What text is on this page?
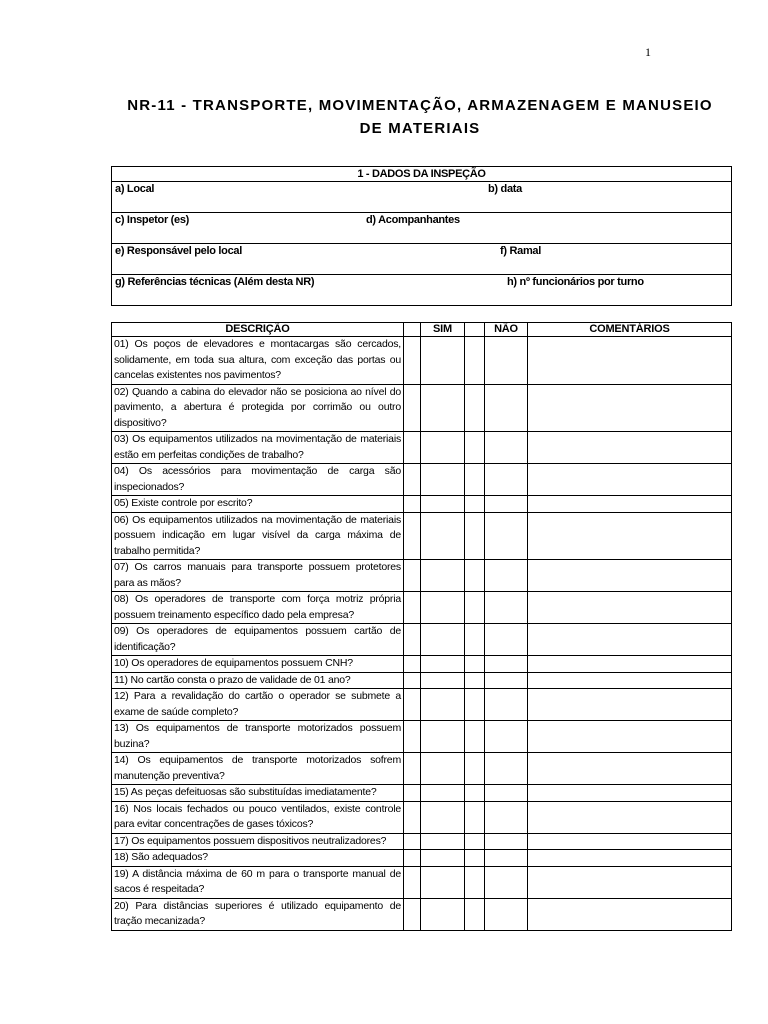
1
NR-11 - TRANSPORTE, MOVIMENTAÇÃO, ARMAZENAGEM E MANUSEIO
DE MATERIAIS
1 - DADOS DA INSPEÇÃO

a) Local	b) data

c) Inspetor (es)	d) Acompanhantes

e) Responsável pelo local	f) Ramal

g) Referências técnicas (Além desta NR)	h) nº funcionários por turno
DESCRIÇÃO		SIM		NÃO	COMENTÁRIOS
01) Os poços de elevadores e montacargas são cercados, solidamente, em toda sua altura, com exceção das portas ou cancelas existentes nos pavimentos?					
02) Quando a cabina do elevador não se posiciona ao nível do pavimento, a abertura é protegida por corrimão ou outro dispositivo?					
03) Os equipamentos utilizados na movimentação de materiais estão em perfeitas condições de trabalho?					
04) Os acessórios para movimentação de carga são inspecionados?					
05) Existe controle por escrito?					
06) Os equipamentos utilizados na movimentação de materiais possuem indicação em lugar visível da carga máxima de trabalho permitida?					
07) Os carros manuais para transporte possuem protetores para as mãos?					
08) Os operadores de transporte com força motriz própria possuem treinamento específico dado pela empresa?					
09) Os operadores de equipamentos possuem cartão de identificação?					
10) Os operadores de equipamentos possuem CNH?					
11) No cartão consta o prazo de validade de 01 ano?					
12) Para a revalidação do cartão o operador se submete a exame de saúde completo?					
13) Os equipamentos de transporte motorizados possuem buzina?					
14) Os equipamentos de transporte motorizados sofrem manutenção preventiva?					
15) As peças defeituosas são substituídas imediatamente?					
16) Nos locais fechados ou pouco ventilados, existe controle para evitar concentrações de gases tóxicos?					
17) Os equipamentos possuem dispositivos neutralizadores?					
18) São adequados?					
19) A distância máxima de 60 m para o transporte manual de sacos é respeitada?					
20) Para distâncias superiores é utilizado equipamento de tração mecanizada?					
